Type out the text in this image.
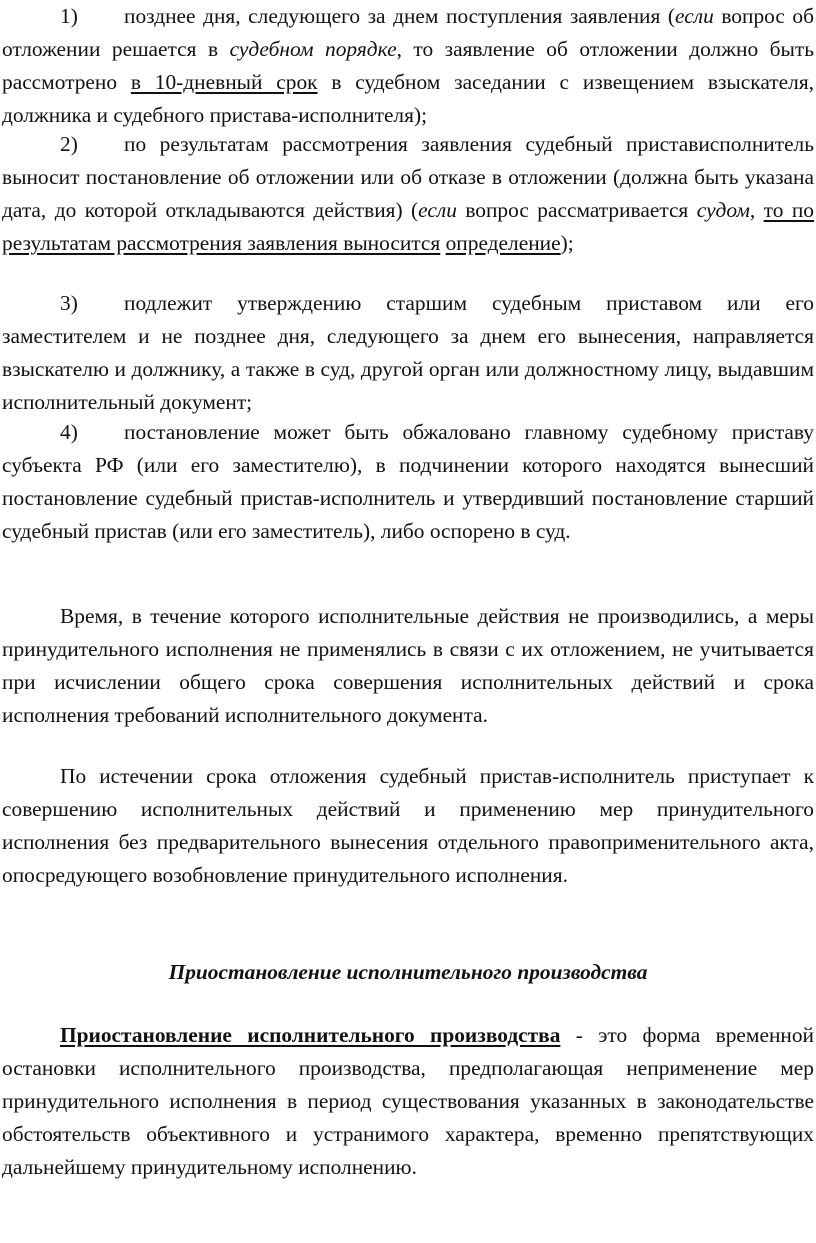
1) позднее дня, следующего за днем поступления заявления (если вопрос об отложении решается в судебном порядке, то заявление об отложении должно быть рассмотрено в 10-дневный срок в судебном заседании с извещением взыскателя, должника и судебного пристава-исполнителя);

2) по результатам рассмотрения заявления судебный пристависполнитель выносит постановление об отложении или об отказе в отложении (должна быть указана дата, до которой откладываются действия) (если вопрос рассматривается судом, то по результатам рассмотрения заявления выносится определение);

3) подлежит утверждению старшим судебным приставом или его заместителем и не позднее дня, следующего за днем его вынесения, направляется взыскателю и должнику, а также в суд, другой орган или должностному лицу, выдавшим исполнительный документ;

4) постановление может быть обжаловано главному судебному приставу субъекта РФ (или его заместителю), в подчинении которого находятся вынесший постановление судебный пристав-исполнитель и утвердивший постановление старший судебный пристав (или его заместитель), либо оспорено в суд.

Время, в течение которого исполнительные действия не производились, а меры принудительного исполнения не применялись в связи с их отложением, не учитывается при исчислении общего срока совершения исполнительных действий и срока исполнения требований исполнительного документа.

По истечении срока отложения судебный пристав-исполнитель приступает к совершению исполнительных действий и применению мер принудительного исполнения без предварительного вынесения отдельного правоприменительного акта, опосредующего возобновление принудительного исполнения.

Приостановление исполнительного производства

Приостановление исполнительного производства - это форма временной остановки исполнительного производства, предполагающая неприменение мер принудительного исполнения в период существования указанных в законодательстве обстоятельств объективного и устранимого характера, временно препятствующих дальнейшему принудительному исполнению.
